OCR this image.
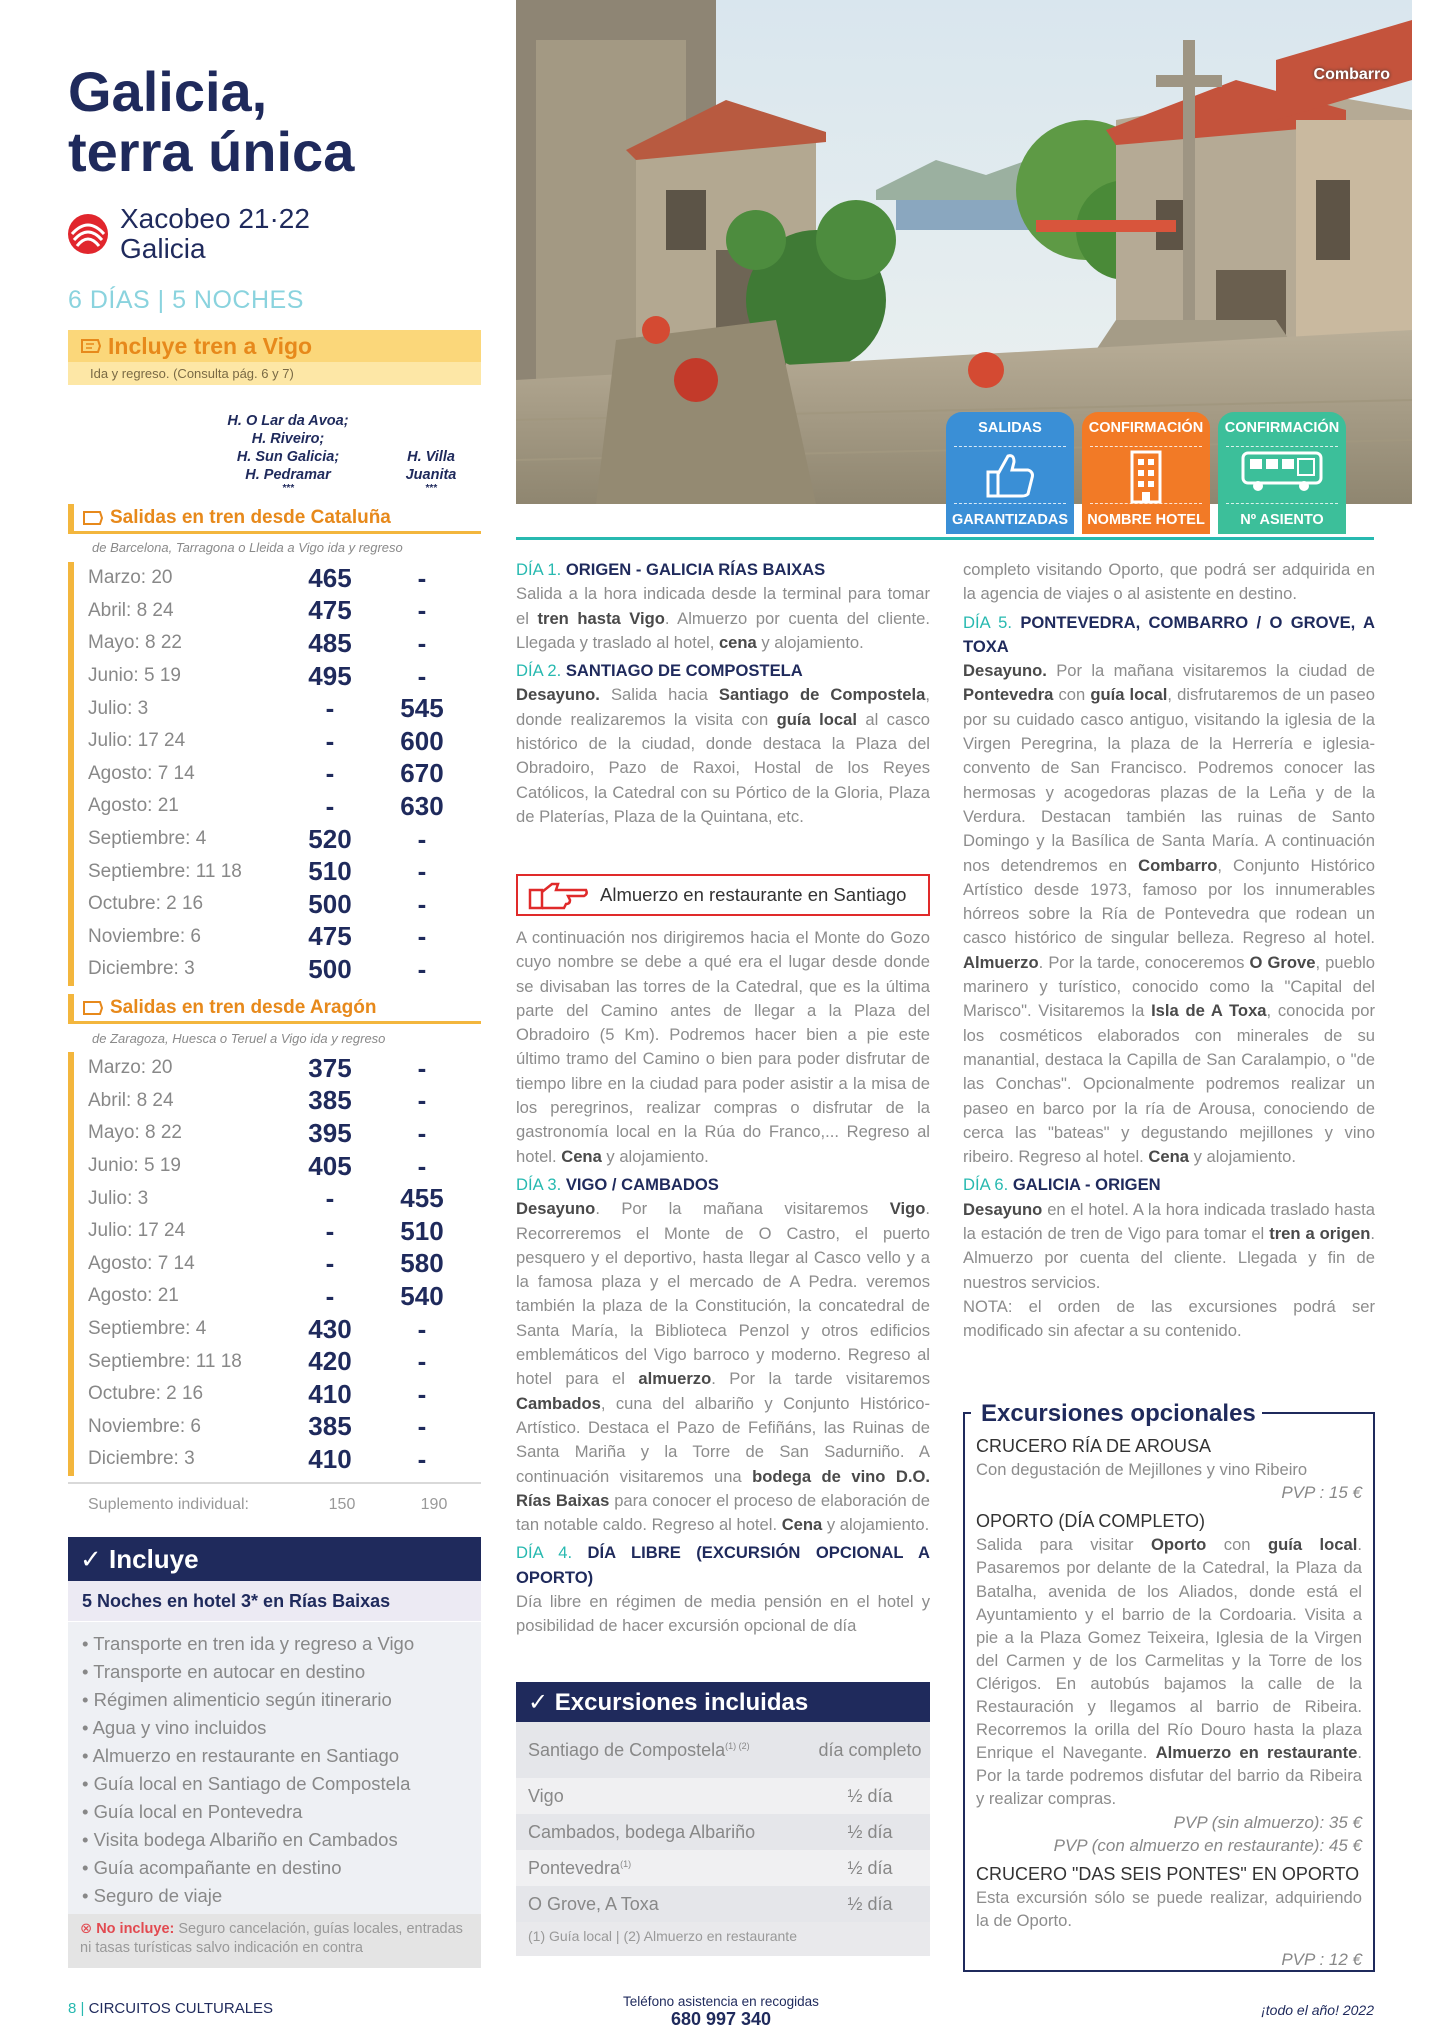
Galicia,
terra única
Xacobeo 21·22
Galicia
6 DÍAS | 5 NOCHES
Incluye tren a Vigo
Ida y regreso. (Consulta pág. 6 y 7)
H. O Lar da Avoa;
H. Riveiro;
H. Sun Galicia;
H. Pedramar
***
H. Villa
Juanita
***
Salidas en tren desde Cataluña
de Barcelona, Tarragona o Lleida a Vigo ida y regreso
Marzo: 20	465	-
Abril: 8 24	475	-
Mayo: 8 22	485	-
Junio: 5 19	495	-
Julio: 3	-	545
Julio: 17 24	-	600
Agosto: 7 14	-	670
Agosto: 21	-	630
Septiembre: 4	520	-
Septiembre: 11 18	510	-
Octubre: 2 16	500	-
Noviembre: 6	475	-
Diciembre: 3	500	-
Salidas en tren desde Aragón
de Zaragoza, Huesca o Teruel a Vigo ida y regreso
Marzo: 20	375	-
Abril: 8 24	385	-
Mayo: 8 22	395	-
Junio: 5 19	405	-
Julio: 3	-	455
Julio: 17 24	-	510
Agosto: 7 14	-	580
Agosto: 21	-	540
Septiembre: 4	430	-
Septiembre: 11 18	420	-
Octubre: 2 16	410	-
Noviembre: 6	385	-
Diciembre: 3	410	-
Suplemento individual:	150	190
✓ Incluye
5 Noches en hotel 3* en Rías Baixas
• Transporte en tren ida y regreso a Vigo
• Transporte en autocar en destino
• Régimen alimenticio según itinerario
• Agua y vino incluidos
• Almuerzo en restaurante en Santiago
• Guía local en Santiago de Compostela
• Guía local en Pontevedra
• Visita bodega Albariño en Cambados
• Guía acompañante en destino
• Seguro de viaje
⊗ No incluye: Seguro cancelación, guías locales, entradas ni tasas turísticas salvo indicación en contra
Combarro
SALIDAS
GARANTIZADAS
CONFIRMACIÓN
NOMBRE HOTEL
CONFIRMACIÓN
Nº ASIENTO
DÍA 1. ORIGEN - GALICIA RÍAS BAIXAS

Salida a la hora indicada desde la terminal para tomar el tren hasta Vigo. Almuerzo por cuenta del cliente. Llegada y traslado al hotel, cena y alojamiento.

DÍA 2. SANTIAGO DE COMPOSTELA

Desayuno. Salida hacia Santiago de Compostela, donde realizaremos la visita con guía local al casco histórico de la ciudad, donde destaca la Plaza del Obradoiro, Pazo de Raxoi, Hostal de los Reyes Católicos, la Catedral con su Pórtico de la Gloria, Plaza de Platerías, Plaza de la Quintana, etc.

Almuerzo en restaurante en Santiago

A continuación nos dirigiremos hacia el Monte do Gozo cuyo nombre se debe a qué era el lugar desde donde se divisaban las torres de la Catedral, que es la última parte del Camino antes de llegar a la Plaza del Obradoiro (5 Km). Podremos hacer bien a pie este último tramo del Camino o bien para poder disfrutar de tiempo libre en la ciudad para poder asistir a la misa de los peregrinos, realizar compras o disfrutar de la gastronomía local en la Rúa do Franco,... Regreso al hotel. Cena y alojamiento.

DÍA 3. VIGO / CAMBADOS

Desayuno. Por la mañana visitaremos Vigo. Recorreremos el Monte de O Castro, el puerto pesquero y el deportivo, hasta llegar al Casco vello y a la famosa plaza y el mercado de A Pedra. veremos también la plaza de la Constitución, la concatedral de Santa María, la Biblioteca Penzol y otros edificios emblemáticos del Vigo barroco y moderno. Regreso al hotel para el almuerzo. Por la tarde visitaremos Cambados, cuna del albariño y Conjunto Histórico-Artístico. Destaca el Pazo de Fefiñáns, las Ruinas de Santa Mariña y la Torre de San Sadurniño. A continuación visitaremos una bodega de vino D.O. Rías Baixas para conocer el proceso de elaboración de tan notable caldo. Regreso al hotel. Cena y alojamiento.

DÍA 4. DÍA LIBRE (EXCURSIÓN OPCIONAL A OPORTO)

Día libre en régimen de media pensión en el hotel y posibilidad de hacer excursión opcional de día

✓ Excursiones incluidas
Santiago de Compostela$^{(1) (2)}$	día completo
Vigo	½ día
Cambados, bodega Albariño	½ día
Pontevedra$^{(1)}$	½ día
O Grove, A Toxa	½ día
(1) Guía local | (2) Almuerzo en restaurante

completo visitando Oporto, que podrá ser adquirida en la agencia de viajes o al asistente en destino.

DÍA 5. PONTEVEDRA, COMBARRO / O GROVE, A TOXA

Desayuno. Por la mañana visitaremos la ciudad de Pontevedra con guía local, disfrutaremos de un paseo por su cuidado casco antiguo, visitando la iglesia de la Virgen Peregrina, la plaza de la Herrería e iglesia-convento de San Francisco. Podremos conocer las hermosas y acogedoras plazas de la Leña y de la Verdura. Destacan también las ruinas de Santo Domingo y la Basílica de Santa María. A continuación nos detendremos en Combarro, Conjunto Histórico Artístico desde 1973, famoso por los innumerables hórreos sobre la Ría de Pontevedra que rodean un casco histórico de singular belleza. Regreso al hotel. Almuerzo. Por la tarde, conoceremos O Grove, pueblo marinero y turístico, conocido como la "Capital del Marisco". Visitaremos la Isla de A Toxa, conocida por los cosméticos elaborados con minerales de su manantial, destaca la Capilla de San Caralampio, o "de las Conchas". Opcionalmente podremos realizar un paseo en barco por la ría de Arousa, conociendo de cerca las "bateas" y degustando mejillones y vino ribeiro. Regreso al hotel. Cena y alojamiento.

DÍA 6. GALICIA - ORIGEN

Desayuno en el hotel. A la hora indicada traslado hasta la estación de tren de Vigo para tomar el tren a origen. Almuerzo por cuenta del cliente. Llegada y fin de nuestros servicios.

NOTA: el orden de las excursiones podrá ser modificado sin afectar a su contenido.

Excursiones opcionales
CRUCERO RÍA DE AROUSA
Con degustación de Mejillones y vino Ribeiro
PVP : 15 €
OPORTO (DÍA COMPLETO)

Salida para visitar Oporto con guía local. Pasaremos por delante de la Catedral, la Plaza da Batalha, avenida de los Aliados, donde está el Ayuntamiento y el barrio de la Cordoaria. Visita a pie a la Plaza Gomez Teixeira, Iglesia de la Virgen del Carmen y de los Carmelitas y la Torre de los Clérigos. En autobús bajamos la calle de la Restauración y llegamos al barrio de Ribeira. Recorremos la orilla del Río Douro hasta la plaza Enrique el Navegante. Almuerzo en restaurante. Por la tarde podremos disfutar del barrio da Ribeira y realizar compras.

PVP (sin almuerzo): 35 €
PVP (con almuerzo en restaurante): 45 €
CRUCERO "DAS SEIS PONTES" EN OPORTO
Esta excursión sólo se puede realizar, adquiriendo la de Oporto.
PVP : 12 €
8 | CIRCUITOS CULTURALES	Teléfono asistencia en recogidas
680 997 340	¡todo el año! 2022
